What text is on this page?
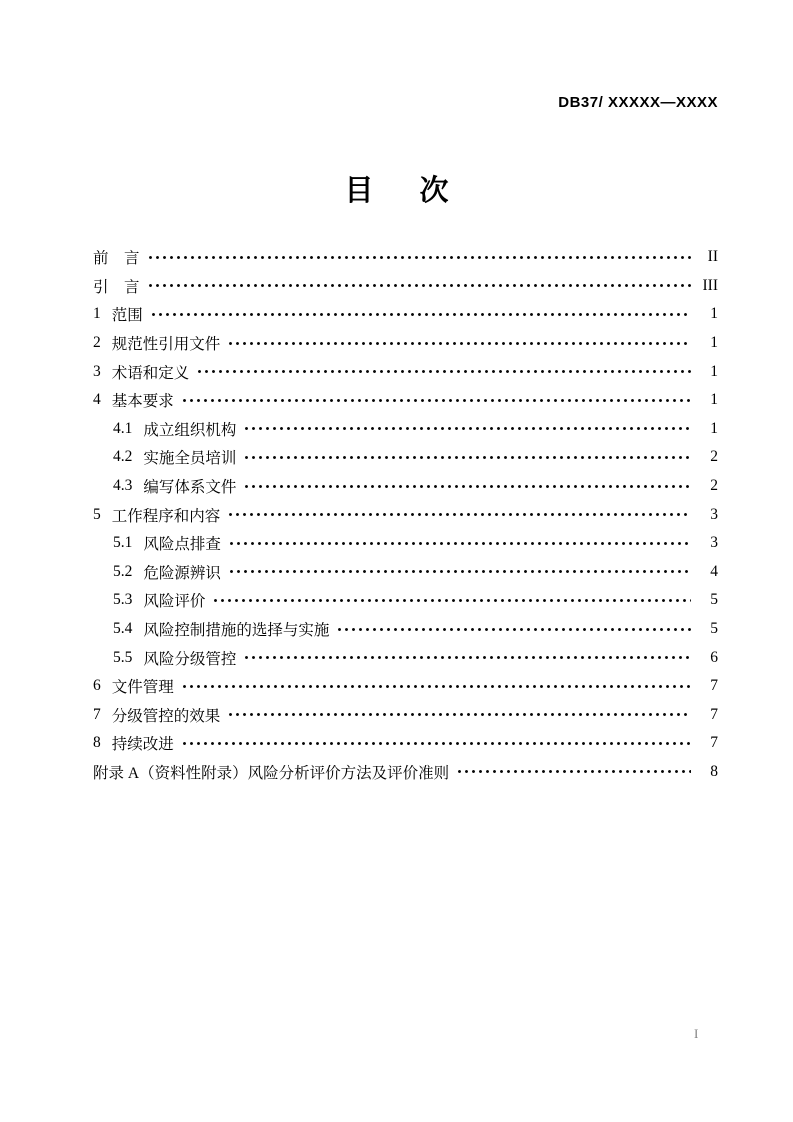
DB37/ XXXXX—XXXX
目 次
前　言	II
引　言	III
1 范围	1
2 规范性引用文件	1
3 术语和定义	1
4 基本要求	1
4.1 成立组织机构	1
4.2 实施全员培训	2
4.3 编写体系文件	2
5 工作程序和内容	3
5.1 风险点排查	3
5.2 危险源辨识	4
5.3 风险评价	5
5.4 风险控制措施的选择与实施	5
5.5 风险分级管控	6
6 文件管理	7
7 分级管控的效果	7
8 持续改进	7
附录 A（资料性附录）风险分析评价方法及评价准则	8
I
